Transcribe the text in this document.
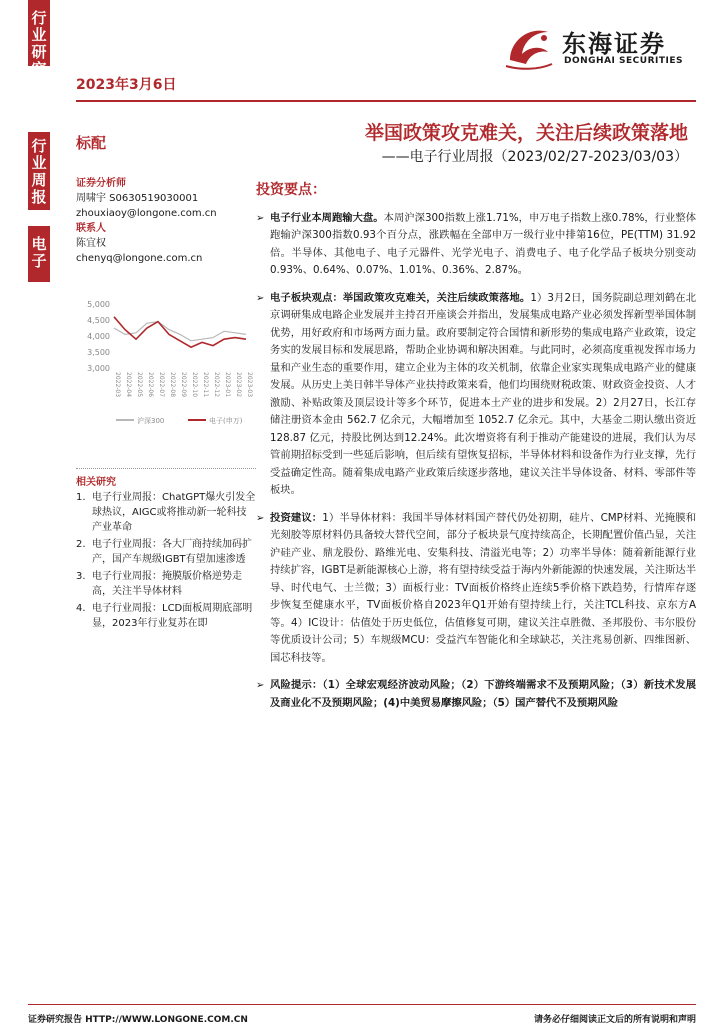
行业研究
行业周报
电子
2023年3月6日
东海证券
DONGHAI SECURITIES
标配	举国政策攻克难关，关注后续政策落地
——电子行业周报（2023/02/27-2023/03/03）
证券分析师
周啸宇 S0630519030001
zhouxiaoy@longone.com.cn
联系人
陈宜权
chenyq@longone.com.cn
5,000
4,500
4,000
3,500
3,000
2022-03 2022-04 2022-05 2022-06 2022-07 2022-08 2022-09 2022-10 2022-11 2022-12 2023-01 2023-02 2023-03
沪深300	电子(申万)
相关研究
1. 电子行业周报：ChatGPT爆火引发全球热议，AIGC或将推动新一轮科技产业革命
2. 电子行业周报：各大厂商持续加码扩产，国产车规级IGBT有望加速渗透
3. 电子行业周报：掩膜版价格逆势走高，关注半导体材料
4. 电子行业周报：LCD面板周期底部明显，2023年行业复苏在即
投资要点：
➢ 电子行业本周跑输大盘。本周沪深300指数上涨1.71%，申万电子指数上涨0.78%，行业整体跑输沪深300指数0.93个百分点，涨跌幅在全部申万一级行业中排第16位，PE(TTM) 31.92倍。半导体、其他电子、电子元器件、光学光电子、消费电子、电子化学品子板块分别变动0.93%、0.64%、0.07%、1.01%、0.36%、2.87%。

➢ 电子板块观点：举国政策攻克难关，关注后续政策落地。1）3月2日，国务院副总理刘鹤在北京调研集成电路企业发展并主持召开座谈会并指出，发展集成电路产业必须发挥新型举国体制优势，用好政府和市场两方面力量。政府要制定符合国情和新形势的集成电路产业政策，设定务实的发展目标和发展思路，帮助企业协调和解决困难。与此同时，必须高度重视发挥市场力量和产业生态的重要作用，建立企业为主体的攻关机制，依靠企业家实现集成电路产业的健康发展。从历史上美日韩半导体产业扶持政策来看，他们均围绕财税政策、财政资金投资、人才激励、补贴政策及顶层设计等多个环节，促进本土产业的进步和发展。2）2月27日，长江存储注册资本金由 562.7 亿余元，大幅增加至 1052.7 亿余元。其中，大基金二期认缴出资近 128.87 亿元，持股比例达到12.24%。此次增资将有利于推动产能建设的进展，我们认为尽管前期招标受到一些延后影响，但后续有望恢复招标，半导体材料和设备作为行业支撑，先行受益确定性高。随着集成电路产业政策后续逐步落地，建议关注半导体设备、材料、零部件等板块。

➢ 投资建议：1）半导体材料：我国半导体材料国产替代仍处初期，硅片、CMP材料、光掩膜和光刻胶等原材料仍具备较大替代空间，部分子板块景气度持续高企，长期配置价值凸显，关注沪硅产业、鼎龙股份、路维光电、安集科技、清溢光电等；2）功率半导体：随着新能源行业持续扩容，IGBT是新能源核心上游，将有望持续受益于海内外新能源的快速发展，关注斯达半导、时代电气、士兰微；3）面板行业：TV面板价格终止连续5季价格下跌趋势，行情库存逐步恢复至健康水平，TV面板价格自2023年Q1开始有望持续上行，关注TCL科技、京东方A等。4）IC设计：估值处于历史低位，估值修复可期，建议关注卓胜微、圣邦股份、韦尔股份等优质设计公司；5）车规级MCU：受益汽车智能化和全球缺芯，关注兆易创新、四维图新、国芯科技等。

➢ 风险提示：（1）全球宏观经济波动风险；（2）下游终端需求不及预期风险；（3）新技术发展及商业化不及预期风险；(4)中美贸易摩擦风险；（5）国产替代不及预期风险

证券研究报告 HTTP://WWW.LONGONE.COM.CN	请务必仔细阅读正文后的所有说明和声明
